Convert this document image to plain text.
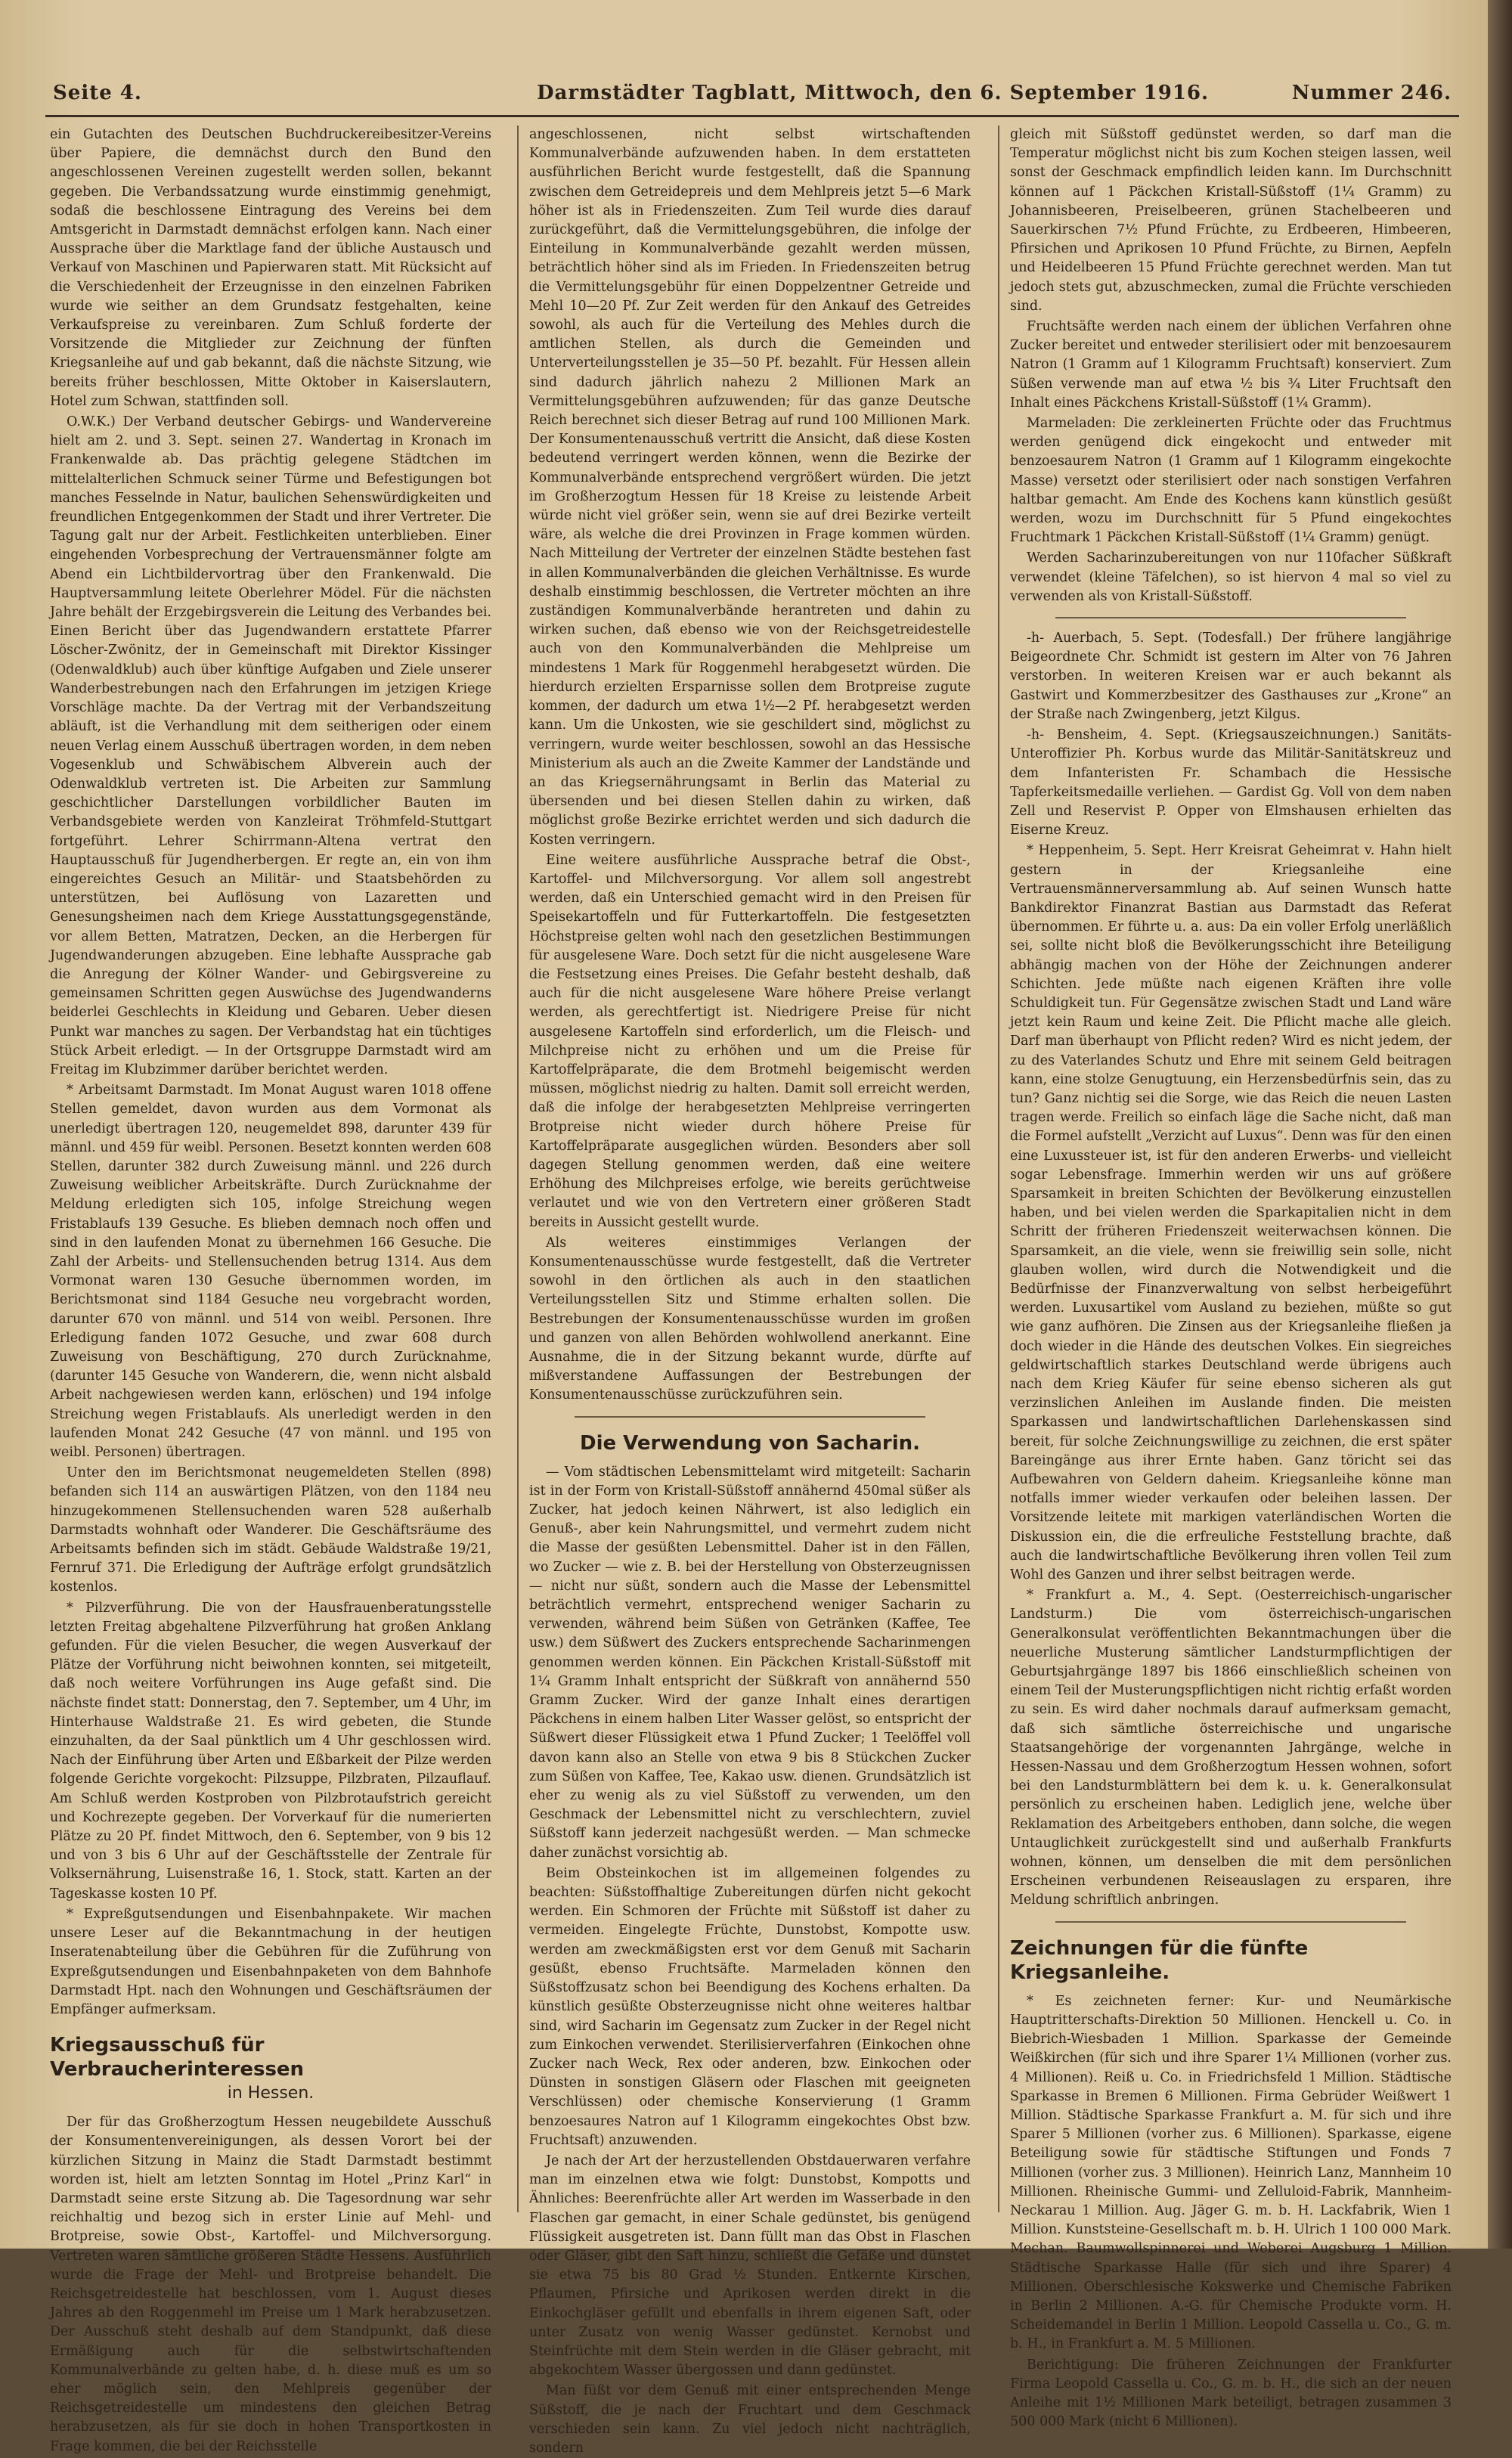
Seite 4.	Darmstädter Tagblatt, Mittwoch, den 6. September 1916.	Nummer 246.

ein Gutachten des Deutschen Buchdruckereibesitzer-Vereins über Papiere, die demnächst durch den Bund den angeschlossenen Vereinen zugestellt werden sollen, bekannt gegeben. Die Verbandssatzung wurde einstimmig genehmigt, sodaß die beschlossene Eintragung des Vereins bei dem Amtsgericht in Darmstadt demnächst erfolgen kann. Nach einer Aussprache über die Marktlage fand der übliche Austausch und Verkauf von Maschinen und Papierwaren statt. Mit Rücksicht auf die Verschiedenheit der Erzeugnisse in den einzelnen Fabriken wurde wie seither an dem Grundsatz festgehalten, keine Verkaufspreise zu vereinbaren. Zum Schluß forderte der Vorsitzende die Mitglieder zur Zeichnung der fünften Kriegsanleihe auf und gab bekannt, daß die nächste Sitzung, wie bereits früher beschlossen, Mitte Oktober in Kaiserslautern, Hotel zum Schwan, stattfinden soll.

O.W.K.) Der Verband deutscher Gebirgs- und Wandervereine hielt am 2. und 3. Sept. seinen 27. Wandertag in Kronach im Frankenwalde ab. Das prächtig gelegene Städtchen im mittelalterlichen Schmuck seiner Türme und Befestigungen bot manches Fesselnde in Natur, baulichen Sehenswürdigkeiten und freundlichen Entgegenkommen der Stadt und ihrer Vertreter. Die Tagung galt nur der Arbeit. Festlichkeiten unterblieben. Einer eingehenden Vorbesprechung der Vertrauensmänner folgte am Abend ein Lichtbildervortrag über den Frankenwald. Die Hauptversammlung leitete Oberlehrer Mödel. Für die nächsten Jahre behält der Erzgebirgsverein die Leitung des Verbandes bei. Einen Bericht über das Jugendwandern erstattete Pfarrer Löscher-Zwönitz, der in Gemeinschaft mit Direktor Kissinger (Odenwaldklub) auch über künftige Aufgaben und Ziele unserer Wanderbestrebungen nach den Erfahrungen im jetzigen Kriege Vorschläge machte. Da der Vertrag mit der Verbandszeitung abläuft, ist die Verhandlung mit dem seitherigen oder einem neuen Verlag einem Ausschuß übertragen worden, in dem neben Vogesenklub und Schwäbischem Albverein auch der Odenwaldklub vertreten ist. Die Arbeiten zur Sammlung geschichtlicher Darstellungen vorbildlicher Bauten im Verbandsgebiete werden von Kanzleirat Tröhmfeld-Stuttgart fortgeführt. Lehrer Schirrmann-Altena vertrat den Hauptausschuß für Jugendherbergen. Er regte an, ein von ihm eingereichtes Gesuch an Militär- und Staatsbehörden zu unterstützen, bei Auflösung von Lazaretten und Genesungsheimen nach dem Kriege Ausstattungsgegenstände, vor allem Betten, Matratzen, Decken, an die Herbergen für Jugendwanderungen abzugeben. Eine lebhafte Aussprache gab die Anregung der Kölner Wander- und Gebirgsvereine zu gemeinsamen Schritten gegen Auswüchse des Jugendwanderns beiderlei Geschlechts in Kleidung und Gebaren. Ueber diesen Punkt war manches zu sagen. Der Verbandstag hat ein tüchtiges Stück Arbeit erledigt. — In der Ortsgruppe Darmstadt wird am Freitag im Klubzimmer darüber berichtet werden.

* Arbeitsamt Darmstadt. Im Monat August waren 1018 offene Stellen gemeldet, davon wurden aus dem Vormonat als unerledigt übertragen 120, neugemeldet 898, darunter 439 für männl. und 459 für weibl. Personen. Besetzt konnten werden 608 Stellen, darunter 382 durch Zuweisung männl. und 226 durch Zuweisung weiblicher Arbeitskräfte. Durch Zurücknahme der Meldung erledigten sich 105, infolge Streichung wegen Fristablaufs 139 Gesuche. Es blieben demnach noch offen und sind in den laufenden Monat zu übernehmen 166 Gesuche. Die Zahl der Arbeits- und Stellensuchenden betrug 1314. Aus dem Vormonat waren 130 Gesuche übernommen worden, im Berichtsmonat sind 1184 Gesuche neu vorgebracht worden, darunter 670 von männl. und 514 von weibl. Personen. Ihre Erledigung fanden 1072 Gesuche, und zwar 608 durch Zuweisung von Beschäftigung, 270 durch Zurücknahme, (darunter 145 Gesuche von Wanderern, die, wenn nicht alsbald Arbeit nachgewiesen werden kann, erlöschen) und 194 infolge Streichung wegen Fristablaufs. Als unerledigt werden in den laufenden Monat 242 Gesuche (47 von männl. und 195 von weibl. Personen) übertragen.

Unter den im Berichtsmonat neugemeldeten Stellen (898) befanden sich 114 an auswärtigen Plätzen, von den 1184 neu hinzugekommenen Stellensuchenden waren 528 außerhalb Darmstadts wohnhaft oder Wanderer. Die Geschäftsräume des Arbeitsamts befinden sich im städt. Gebäude Waldstraße 19/21, Fernruf 371. Die Erledigung der Aufträge erfolgt grundsätzlich kostenlos.

* Pilzverführung. Die von der Hausfrauenberatungsstelle letzten Freitag abgehaltene Pilzverführung hat großen Anklang gefunden. Für die vielen Besucher, die wegen Ausverkauf der Plätze der Vorführung nicht beiwohnen konnten, sei mitgeteilt, daß noch weitere Vorführungen ins Auge gefaßt sind. Die nächste findet statt: Donnerstag, den 7. September, um 4 Uhr, im Hinterhause Waldstraße 21. Es wird gebeten, die Stunde einzuhalten, da der Saal pünktlich um 4 Uhr geschlossen wird. Nach der Einführung über Arten und Eßbarkeit der Pilze werden folgende Gerichte vorgekocht: Pilzsuppe, Pilzbraten, Pilzauflauf. Am Schluß werden Kostproben von Pilzbrotaufstrich gereicht und Kochrezepte gegeben. Der Vorverkauf für die numerierten Plätze zu 20 Pf. findet Mittwoch, den 6. September, von 9 bis 12 und von 3 bis 6 Uhr auf der Geschäftsstelle der Zentrale für Volksernährung, Luisenstraße 16, 1. Stock, statt. Karten an der Tageskasse kosten 10 Pf.

* Expreßgutsendungen und Eisenbahnpakete. Wir machen unsere Leser auf die Bekanntmachung in der heutigen Inseratenabteilung über die Gebühren für die Zuführung von Expreßgutsendungen und Eisenbahnpaketen von dem Bahnhofe Darmstadt Hpt. nach den Wohnungen und Geschäftsräumen der Empfänger aufmerksam.

Kriegsausschuß für Verbraucherinteressen
in Hessen.

Der für das Großherzogtum Hessen neugebildete Ausschuß der Konsumentenvereinigungen, als dessen Vorort bei der kürzlichen Sitzung in Mainz die Stadt Darmstadt bestimmt worden ist, hielt am letzten Sonntag im Hotel „Prinz Karl“ in Darmstadt seine erste Sitzung ab. Die Tagesordnung war sehr reichhaltig und bezog sich in erster Linie auf Mehl- und Brotpreise, sowie Obst-, Kartoffel- und Milchversorgung. Vertreten waren sämtliche größeren Städte Hessens. Ausführlich wurde die Frage der Mehl- und Brotpreise behandelt. Die Reichsgetreidestelle hat beschlossen, vom 1. August dieses Jahres ab den Roggenmehl im Preise um 1 Mark herabzusetzen. Der Ausschuß steht deshalb auf dem Standpunkt, daß diese Ermäßigung auch für die selbstwirtschaftenden Kommunalverbände zu gelten habe, d. h. diese muß es um so eher möglich sein, den Mehlpreis gegenüber der Reichsgetreidestelle um mindestens den gleichen Betrag herabzusetzen, als für sie doch in hohen Transportkosten in Frage kommen, die bei der Reichsstelle

angeschlossenen, nicht selbst wirtschaftenden Kommunalverbände aufzuwenden haben. In dem erstatteten ausführlichen Bericht wurde festgestellt, daß die Spannung zwischen dem Getreidepreis und dem Mehlpreis jetzt 5—6 Mark höher ist als in Friedenszeiten. Zum Teil wurde dies darauf zurückgeführt, daß die Vermittelungsgebühren, die infolge der Einteilung in Kommunalverbände gezahlt werden müssen, beträchtlich höher sind als im Frieden. In Friedenszeiten betrug die Vermittelungsgebühr für einen Doppelzentner Getreide und Mehl 10—20 Pf. Zur Zeit werden für den Ankauf des Getreides sowohl, als auch für die Verteilung des Mehles durch die amtlichen Stellen, als durch die Gemeinden und Unterverteilungsstellen je 35—50 Pf. bezahlt. Für Hessen allein sind dadurch jährlich nahezu 2 Millionen Mark an Vermittelungsgebühren aufzuwenden; für das ganze Deutsche Reich berechnet sich dieser Betrag auf rund 100 Millionen Mark. Der Konsumentenausschuß vertritt die Ansicht, daß diese Kosten bedeutend verringert werden können, wenn die Bezirke der Kommunalverbände entsprechend vergrößert würden. Die jetzt im Großherzogtum Hessen für 18 Kreise zu leistende Arbeit würde nicht viel größer sein, wenn sie auf drei Bezirke verteilt wäre, als welche die drei Provinzen in Frage kommen würden. Nach Mitteilung der Vertreter der einzelnen Städte bestehen fast in allen Kommunalverbänden die gleichen Verhältnisse. Es wurde deshalb einstimmig beschlossen, die Vertreter möchten an ihre zuständigen Kommunalverbände herantreten und dahin zu wirken suchen, daß ebenso wie von der Reichsgetreidestelle auch von den Kommunalverbänden die Mehlpreise um mindestens 1 Mark für Roggenmehl herabgesetzt würden. Die hierdurch erzielten Ersparnisse sollen dem Brotpreise zugute kommen, der dadurch um etwa 1½—2 Pf. herabgesetzt werden kann. Um die Unkosten, wie sie geschildert sind, möglichst zu verringern, wurde weiter beschlossen, sowohl an das Hessische Ministerium als auch an die Zweite Kammer der Landstände und an das Kriegsernährungsamt in Berlin das Material zu übersenden und bei diesen Stellen dahin zu wirken, daß möglichst große Bezirke errichtet werden und sich dadurch die Kosten verringern.

Eine weitere ausführliche Aussprache betraf die Obst-, Kartoffel- und Milchversorgung. Vor allem soll angestrebt werden, daß ein Unterschied gemacht wird in den Preisen für Speisekartoffeln und für Futterkartoffeln. Die festgesetzten Höchstpreise gelten wohl nach den gesetzlichen Bestimmungen für ausgelesene Ware. Doch setzt für die nicht ausgelesene Ware die Festsetzung eines Preises. Die Gefahr besteht deshalb, daß auch für die nicht ausgelesene Ware höhere Preise verlangt werden, als gerechtfertigt ist. Niedrigere Preise für nicht ausgelesene Kartoffeln sind erforderlich, um die Fleisch- und Milchpreise nicht zu erhöhen und um die Preise für Kartoffelpräparate, die dem Brotmehl beigemischt werden müssen, möglichst niedrig zu halten. Damit soll erreicht werden, daß die infolge der herabgesetzten Mehlpreise verringerten Brotpreise nicht wieder durch höhere Preise für Kartoffelpräparate ausgeglichen würden. Besonders aber soll dagegen Stellung genommen werden, daß eine weitere Erhöhung des Milchpreises erfolge, wie bereits gerüchtweise verlautet und wie von den Vertretern einer größeren Stadt bereits in Aussicht gestellt wurde.

Als weiteres einstimmiges Verlangen der Konsumentenausschüsse wurde festgestellt, daß die Vertreter sowohl in den örtlichen als auch in den staatlichen Verteilungsstellen Sitz und Stimme erhalten sollen. Die Bestrebungen der Konsumentenausschüsse wurden im großen und ganzen von allen Behörden wohlwollend anerkannt. Eine Ausnahme, die in der Sitzung bekannt wurde, dürfte auf mißverstandene Auffassungen der Bestrebungen der Konsumentenausschüsse zurückzuführen sein.

Die Verwendung von Sacharin.

— Vom städtischen Lebensmittelamt wird mitgeteilt: Sacharin ist in der Form von Kristall-Süßstoff annähernd 450mal süßer als Zucker, hat jedoch keinen Nährwert, ist also lediglich ein Genuß-, aber kein Nahrungsmittel, und vermehrt zudem nicht die Masse der gesüßten Lebensmittel. Daher ist in den Fällen, wo Zucker — wie z. B. bei der Herstellung von Obsterzeugnissen — nicht nur süßt, sondern auch die Masse der Lebensmittel beträchtlich vermehrt, entsprechend weniger Sacharin zu verwenden, während beim Süßen von Getränken (Kaffee, Tee usw.) dem Süßwert des Zuckers entsprechende Sacharinmengen genommen werden können. Ein Päckchen Kristall-Süßstoff mit 1¼ Gramm Inhalt entspricht der Süßkraft von annähernd 550 Gramm Zucker. Wird der ganze Inhalt eines derartigen Päckchens in einem halben Liter Wasser gelöst, so entspricht der Süßwert dieser Flüssigkeit etwa 1 Pfund Zucker; 1 Teelöffel voll davon kann also an Stelle von etwa 9 bis 8 Stückchen Zucker zum Süßen von Kaffee, Tee, Kakao usw. dienen. Grundsätzlich ist eher zu wenig als zu viel Süßstoff zu verwenden, um den Geschmack der Lebensmittel nicht zu verschlechtern, zuviel Süßstoff kann jederzeit nachgesüßt werden. — Man schmecke daher zunächst vorsichtig ab.

Beim Obsteinkochen ist im allgemeinen folgendes zu beachten: Süßstoffhaltige Zubereitungen dürfen nicht gekocht werden. Ein Schmoren der Früchte mit Süßstoff ist daher zu vermeiden. Eingelegte Früchte, Dunstobst, Kompotte usw. werden am zweckmäßigsten erst vor dem Genuß mit Sacharin gesüßt, ebenso Fruchtsäfte. Marmeladen können den Süßstoffzusatz schon bei Beendigung des Kochens erhalten. Da künstlich gesüßte Obsterzeugnisse nicht ohne weiteres haltbar sind, wird Sacharin im Gegensatz zum Zucker in der Regel nicht zum Einkochen verwendet. Sterilisierverfahren (Einkochen ohne Zucker nach Weck, Rex oder anderen, bzw. Einkochen oder Dünsten in sonstigen Gläsern oder Flaschen mit geeigneten Verschlüssen) oder chemische Konservierung (1 Gramm benzoesaures Natron auf 1 Kilogramm eingekochtes Obst bzw. Fruchtsaft) anzuwenden.

Je nach der Art der herzustellenden Obstdauerwaren verfahre man im einzelnen etwa wie folgt: Dunstobst, Kompotts und Ähnliches: Beerenfrüchte aller Art werden im Wasserbade in den Flaschen gar gemacht, in einer Schale gedünstet, bis genügend Flüssigkeit ausgetreten ist. Dann füllt man das Obst in Flaschen oder Gläser, gibt den Saft hinzu, schließt die Gefäße und dünstet sie etwa 75 bis 80 Grad ½ Stunden. Entkernte Kirschen, Pflaumen, Pfirsiche und Aprikosen werden direkt in die Einkochgläser gefüllt und ebenfalls in ihrem eigenen Saft, oder unter Zusatz von wenig Wasser gedünstet. Kernobst und Steinfrüchte mit dem Stein werden in die Gläser gebracht, mit abgekochtem Wasser übergossen und dann gedünstet.

Man füßt vor dem Genuß mit einer entsprechenden Menge Süßstoff, die je nach der Fruchtart und dem Geschmack verschieden sein kann. Zu viel jedoch nicht nachträglich, sondern

gleich mit Süßstoff gedünstet werden, so darf man die Temperatur möglichst nicht bis zum Kochen steigen lassen, weil sonst der Geschmack empfindlich leiden kann. Im Durchschnitt können auf 1 Päckchen Kristall-Süßstoff (1¼ Gramm) zu Johannisbeeren, Preiselbeeren, grünen Stachelbeeren und Sauerkirschen 7½ Pfund Früchte, zu Erdbeeren, Himbeeren, Pfirsichen und Aprikosen 10 Pfund Früchte, zu Birnen, Aepfeln und Heidelbeeren 15 Pfund Früchte gerechnet werden. Man tut jedoch stets gut, abzuschmecken, zumal die Früchte verschieden sind.

Fruchtsäfte werden nach einem der üblichen Verfahren ohne Zucker bereitet und entweder sterilisiert oder mit benzoesaurem Natron (1 Gramm auf 1 Kilogramm Fruchtsaft) konserviert. Zum Süßen verwende man auf etwa ½ bis ¾ Liter Fruchtsaft den Inhalt eines Päckchens Kristall-Süßstoff (1¼ Gramm).

Marmeladen: Die zerkleinerten Früchte oder das Fruchtmus werden genügend dick eingekocht und entweder mit benzoesaurem Natron (1 Gramm auf 1 Kilogramm eingekochte Masse) versetzt oder sterilisiert oder nach sonstigen Verfahren haltbar gemacht. Am Ende des Kochens kann künstlich gesüßt werden, wozu im Durchschnitt für 5 Pfund eingekochtes Fruchtmark 1 Päckchen Kristall-Süßstoff (1¼ Gramm) genügt.

Werden Sacharinzubereitungen von nur 110facher Süßkraft verwendet (kleine Täfelchen), so ist hiervon 4 mal so viel zu verwenden als von Kristall-Süßstoff.

-h- Auerbach, 5. Sept. (Todesfall.) Der frühere langjährige Beigeordnete Chr. Schmidt ist gestern im Alter von 76 Jahren verstorben. In weiteren Kreisen war er auch bekannt als Gastwirt und Kommerzbesitzer des Gasthauses zur „Krone“ an der Straße nach Zwingenberg, jetzt Kilgus.

-h- Bensheim, 4. Sept. (Kriegsauszeichnungen.) Sanitäts-Unteroffizier Ph. Korbus wurde das Militär-Sanitätskreuz und dem Infanteristen Fr. Schambach die Hessische Tapferkeitsmedaille verliehen. — Gardist Gg. Voll von dem naben Zell und Reservist P. Opper von Elmshausen erhielten das Eiserne Kreuz.

* Heppenheim, 5. Sept. Herr Kreisrat Geheimrat v. Hahn hielt gestern in der Kriegsanleihe eine Vertrauensmännerversammlung ab. Auf seinen Wunsch hatte Bankdirektor Finanzrat Bastian aus Darmstadt das Referat übernommen. Er führte u. a. aus: Da ein voller Erfolg unerläßlich sei, sollte nicht bloß die Bevölkerungsschicht ihre Beteiligung abhängig machen von der Höhe der Zeichnungen anderer Schichten. Jede müßte nach eigenen Kräften ihre volle Schuldigkeit tun. Für Gegensätze zwischen Stadt und Land wäre jetzt kein Raum und keine Zeit. Die Pflicht mache alle gleich. Darf man überhaupt von Pflicht reden? Wird es nicht jedem, der zu des Vaterlandes Schutz und Ehre mit seinem Geld beitragen kann, eine stolze Genugtuung, ein Herzensbedürfnis sein, das zu tun? Ganz nichtig sei die Sorge, wie das Reich die neuen Lasten tragen werde. Freilich so einfach läge die Sache nicht, daß man die Formel aufstellt „Verzicht auf Luxus“. Denn was für den einen eine Luxussteuer ist, ist für den anderen Erwerbs- und vielleicht sogar Lebensfrage. Immerhin werden wir uns auf größere Sparsamkeit in breiten Schichten der Bevölkerung einzustellen haben, und bei vielen werden die Sparkapitalien nicht in dem Schritt der früheren Friedenszeit weiterwachsen können. Die Sparsamkeit, an die viele, wenn sie freiwillig sein solle, nicht glauben wollen, wird durch die Notwendigkeit und die Bedürfnisse der Finanzverwaltung von selbst herbeigeführt werden. Luxusartikel vom Ausland zu beziehen, müßte so gut wie ganz aufhören. Die Zinsen aus der Kriegsanleihe fließen ja doch wieder in die Hände des deutschen Volkes. Ein siegreiches geldwirtschaftlich starkes Deutschland werde übrigens auch nach dem Krieg Käufer für seine ebenso sicheren als gut verzinslichen Anleihen im Auslande finden. Die meisten Sparkassen und landwirtschaftlichen Darlehenskassen sind bereit, für solche Zeichnungswillige zu zeichnen, die erst später Bareingänge aus ihrer Ernte haben. Ganz töricht sei das Aufbewahren von Geldern daheim. Kriegsanleihe könne man notfalls immer wieder verkaufen oder beleihen lassen. Der Vorsitzende leitete mit markigen vaterländischen Worten die Diskussion ein, die die erfreuliche Feststellung brachte, daß auch die landwirtschaftliche Bevölkerung ihren vollen Teil zum Wohl des Ganzen und ihrer selbst beitragen werde.

* Frankfurt a. M., 4. Sept. (Oesterreichisch-ungarischer Landsturm.) Die vom österreichisch-ungarischen Generalkonsulat veröffentlichten Bekanntmachungen über die neuerliche Musterung sämtlicher Landsturmpflichtigen der Geburtsjahrgänge 1897 bis 1866 einschließlich scheinen von einem Teil der Musterungspflichtigen nicht richtig erfaßt worden zu sein. Es wird daher nochmals darauf aufmerksam gemacht, daß sich sämtliche österreichische und ungarische Staatsangehörige der vorgenannten Jahrgänge, welche in Hessen-Nassau und dem Großherzogtum Hessen wohnen, sofort bei den Landsturmblättern bei dem k. u. k. Generalkonsulat persönlich zu erscheinen haben. Lediglich jene, welche über Reklamation des Arbeitgebers enthoben, dann solche, die wegen Untauglichkeit zurückgestellt sind und außerhalb Frankfurts wohnen, können, um denselben die mit dem persönlichen Erscheinen verbundenen Reiseauslagen zu ersparen, ihre Meldung schriftlich anbringen.

Zeichnungen für die fünfte Kriegsanleihe.

* Es zeichneten ferner: Kur- und Neumärkische Hauptritterschafts-Direktion 50 Millionen. Henckell u. Co. in Biebrich-Wiesbaden 1 Million. Sparkasse der Gemeinde Weißkirchen (für sich und ihre Sparer 1¼ Millionen (vorher zus. 4 Millionen). Reiß u. Co. in Friedrichsfeld 1 Million. Städtische Sparkasse in Bremen 6 Millionen. Firma Gebrüder Weißwert 1 Million. Städtische Sparkasse Frankfurt a. M. für sich und ihre Sparer 5 Millionen (vorher zus. 6 Millionen). Sparkasse, eigene Beteiligung sowie für städtische Stiftungen und Fonds 7 Millionen (vorher zus. 3 Millionen). Heinrich Lanz, Mannheim 10 Millionen. Rheinische Gummi- und Zelluloid-Fabrik, Mannheim-Neckarau 1 Million. Aug. Jäger G. m. b. H. Lackfabrik, Wien 1 Million. Kunststeine-Gesellschaft m. b. H. Ulrich 1 100 000 Mark. Mechan. Baumwollspinnerei und Weberei Augsburg 1 Million. Städtische Sparkasse Halle (für sich und ihre Sparer) 4 Millionen. Oberschlesische Kokswerke und Chemische Fabriken in Berlin 2 Millionen. A.-G. für Chemische Produkte vorm. H. Scheidemandel in Berlin 1 Million. Leopold Cassella u. Co., G. m. b. H., in Frankfurt a. M. 5 Millionen.

Berichtigung: Die früheren Zeichnungen der Frankfurter Firma Leopold Cassella u. Co., G. m. b. H., die sich an der neuen Anleihe mit 1½ Millionen Mark beteiligt, betragen zusammen 3 500 000 Mark (nicht 6 Millionen).
